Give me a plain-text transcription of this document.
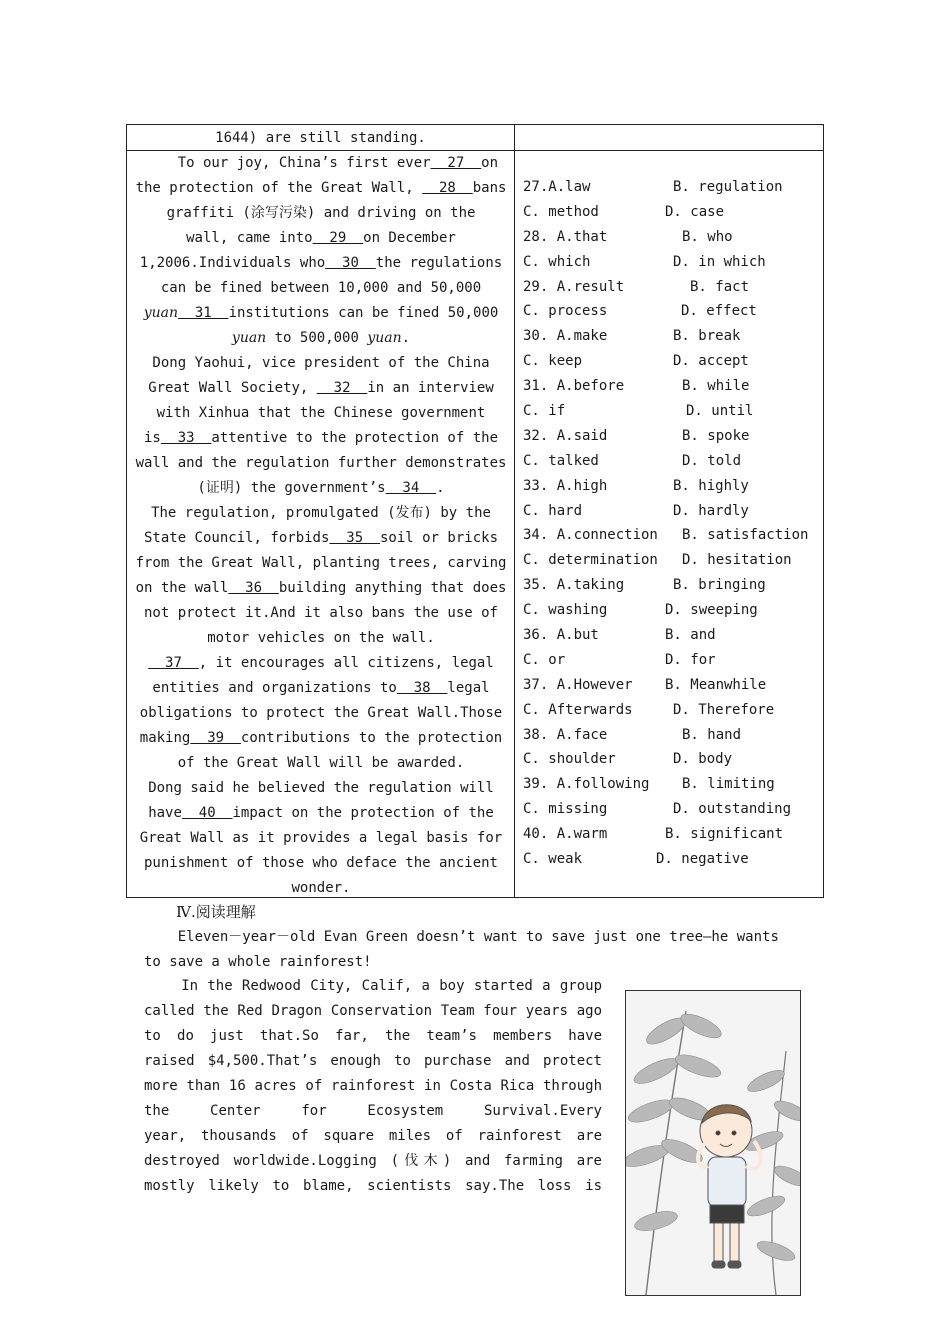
1644) are still standing.
To our joy, China’s first ever  27  on
the protection of the Great Wall,   28  bans
graffiti (涂写污染) and driving on the
wall, came into  29  on December
1,2006.Individuals who  30  the regulations
can be fined between 10,000 and 50,000
yuan  31  institutions can be fined 50,000
yuan to 500,000 yuan.
Dong Yaohui, vice president of the China
Great Wall Society,   32  in an interview
with Xinhua that the Chinese government
is  33  attentive to the protection of the
wall and the regulation further demonstrates
(证明) the government’s  34  .
The regulation, promulgated (发布) by the
State Council, forbids  35  soil or bricks
from the Great Wall, planting trees, carving
on the wall  36  building anything that does
not protect it.And it also bans the use of
motor vehicles on the wall.
37  , it encourages all citizens, legal
entities and organizations to  38  legal
obligations to protect the Great Wall.Those
making  39  contributions to the protection
of the Great Wall will be awarded.
Dong said he believed the regulation will
have  40  impact on the protection of the
Great Wall as it provides a legal basis for
punishment of those who deface the ancient
wonder.
27.A.law	B. regulation
C. method	D. case
28. A.that	B. who
C. which	D. in which
29. A.result	B. fact
C. process	D. effect
30. A.make	B. break
C. keep	D. accept
31. A.before	B. while
C. if	D. until
32. A.said	B. spoke
C. talked	D. told
33. A.high	B. highly
C. hard	D. hardly
34. A.connection B. satisfaction
C. determination D. hesitation
35. A.taking	B. bringing
C. washing	D. sweeping
36. A.but	B. and
C. or	D. for
37. A.However B. Meanwhile
C. Afterwards	D. Therefore
38. A.face	B. hand
C. shoulder	D. body
39. A.following B. limiting
C. missing	D. outstanding
40. A.warm	B. significant
C. weak	D. negative
Ⅳ.阅读理解
Eleven－year－old Evan Green doesn’t want to save just one tree—he wants
to save a whole rainforest!
In the Redwood City, Calif, a boy started a group
called the Red Dragon Conservation Team four years ago
to do just that.So far, the team’s members have
raised $4,500.That’s enough to purchase and protect
more than 16 acres of rainforest in Costa Rica through
the Center for Ecosystem Survival.Every
year, thousands of square miles of rainforest are
destroyed worldwide.Logging (伐木) and farming are
mostly likely to blame, scientists say.The loss is
